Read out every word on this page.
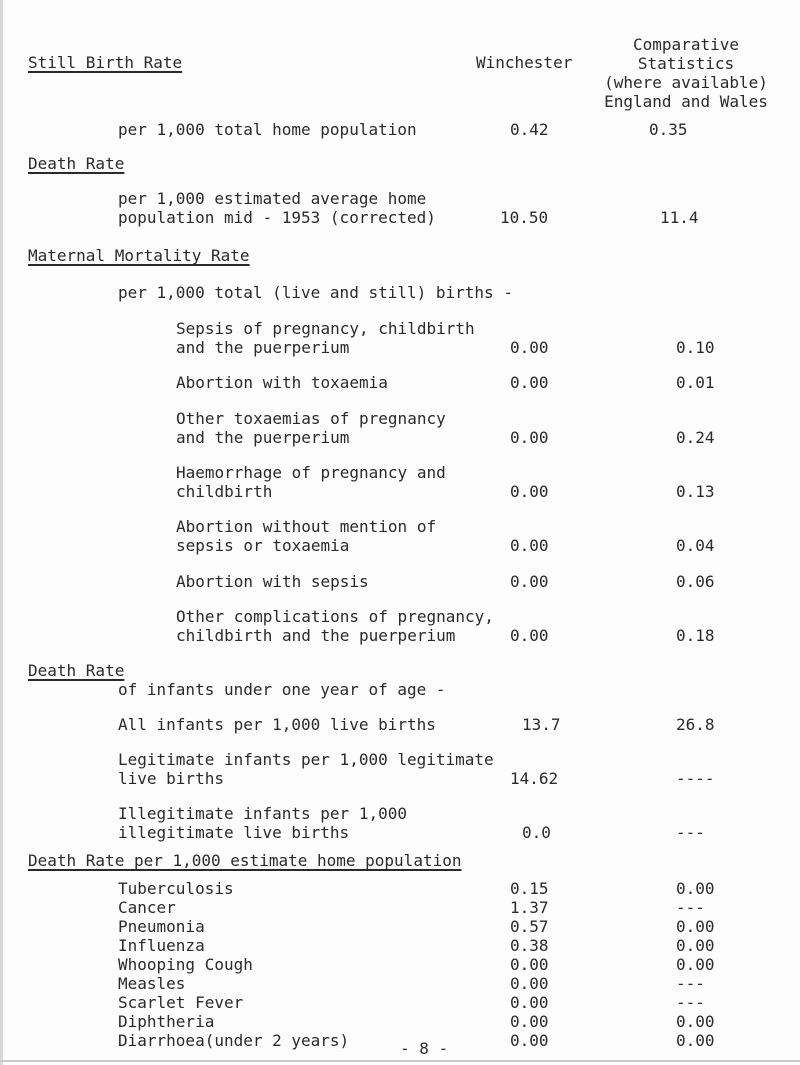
Still Birth Rate	Winchester
Comparative
Statistics
(where available)
England and Wales
per 1,000 total home population	0.42	0.35
Death Rate
per 1,000 estimated average home
population mid - 1953 (corrected)	10.50	11.4
Maternal Mortality Rate
per 1,000 total (live and still) births -
Sepsis of pregnancy, childbirth
and the puerperium	0.00	0.10
Abortion with toxaemia	0.00	0.01
Other toxaemias of pregnancy
and the puerperium	0.00	0.24
Haemorrhage of pregnancy and
childbirth	0.00	0.13
Abortion without mention of
sepsis or toxaemia	0.00	0.04
Abortion with sepsis	0.00	0.06
Other complications of pregnancy,
childbirth and the puerperium	0.00	0.18
Death Rate
of infants under one year of age -
All infants per 1,000 live births	13.7	26.8
Legitimate infants per 1,000 legitimate
live births	14.62	----
Illegitimate infants per 1,000
illegitimate live births	0.0	---
Death Rate per 1,000 estimate home population
Tuberculosis	0.15	0.00
Cancer	1.37	---
Pneumonia	0.57	0.00
Influenza	0.38	0.00
Whooping Cough	0.00	0.00
Measles	0.00	---
Scarlet Fever	0.00	---
Diphtheria	0.00	0.00
Diarrhoea(under 2 years)	0.00	0.00
- 8 -
